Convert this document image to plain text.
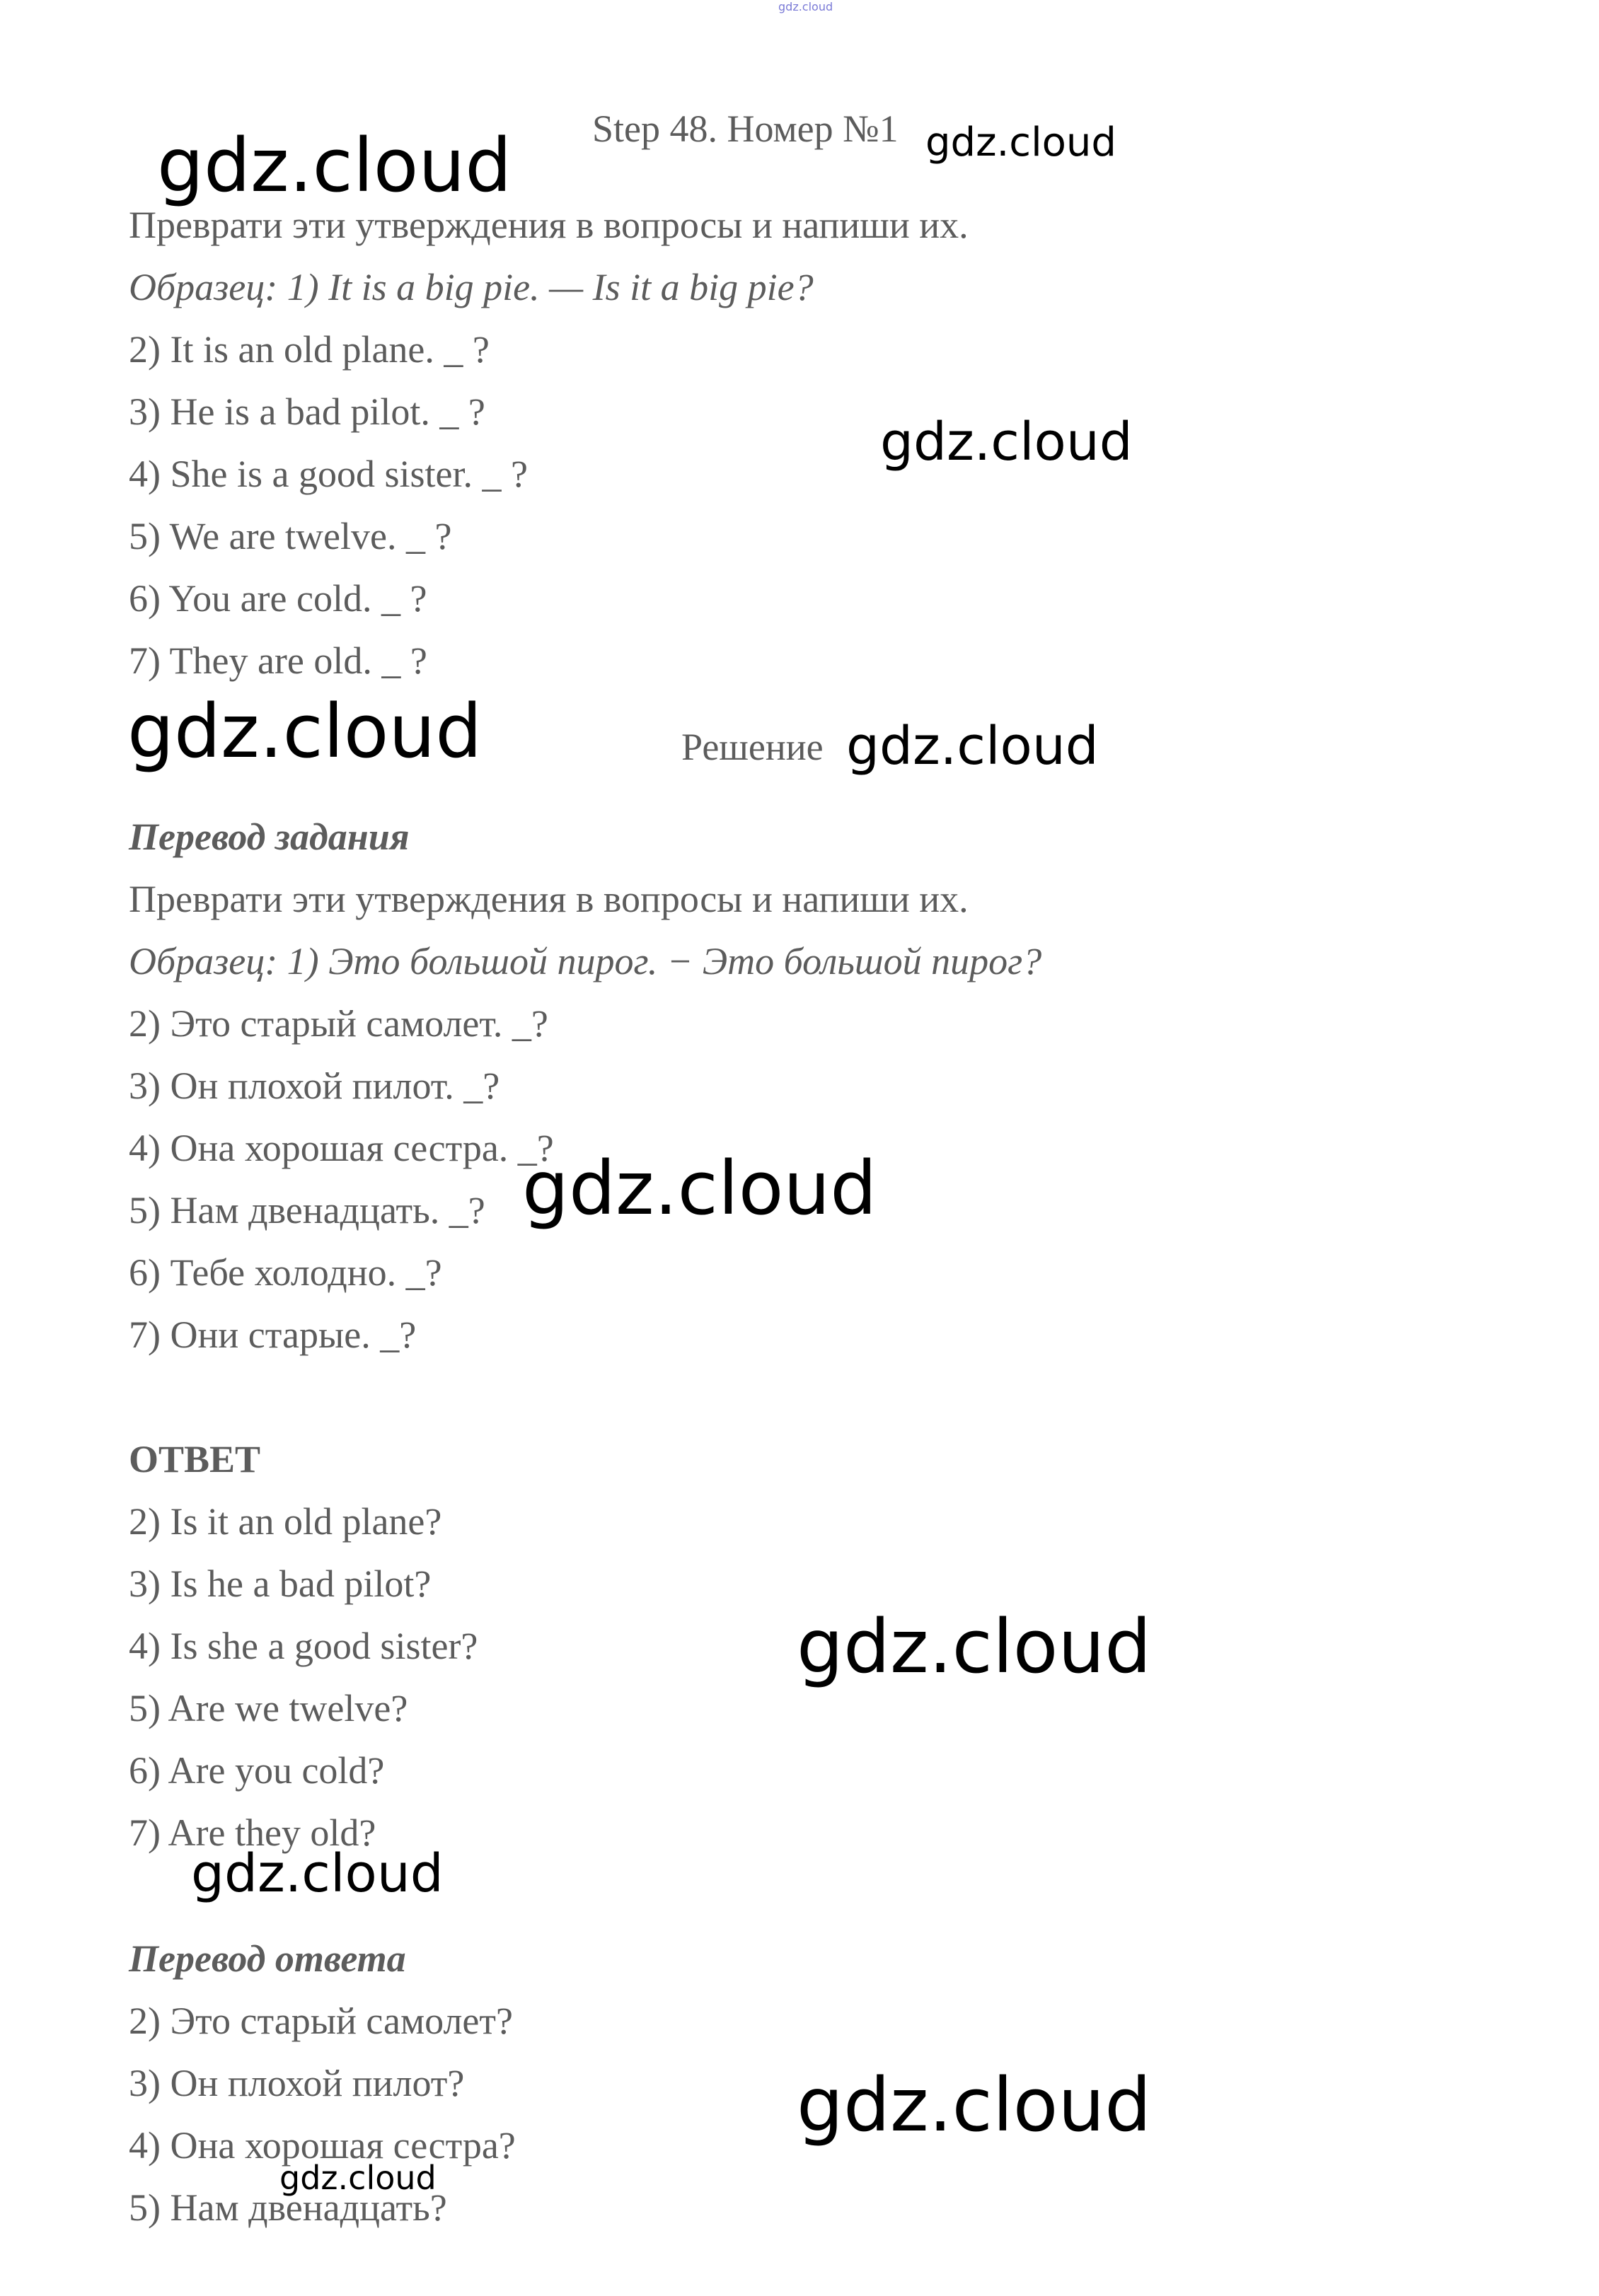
gdz.cloud
Step 48. Номер №1
Преврати эти утверждения в вопросы и напиши их.
Образец: 1) It is a big pie. — Is it a big pie?
2) It is an old plane. _ ?
3) He is a bad pilot. _ ?
4) She is a good sister. _ ?
5) We are twelve. _ ?
6) You are cold. _ ?
7) They are old. _ ?
Решение
Перевод задания
Преврати эти утверждения в вопросы и напиши их.
Образец: 1) Это большой пирог. − Это большой пирог?
2) Это старый самолет. _?
3) Он плохой пилот. _?
4) Она хорошая сестра. _?
5) Нам двенадцать. _?
6) Тебе холодно. _?
7) Они старые. _?
ОТВЕТ
2) Is it an old plane?
3) Is he a bad pilot?
4) Is she a good sister?
5) Are we twelve?
6) Are you cold?
7) Are they old?
Перевод ответа
2) Это старый самолет?
3) Он плохой пилот?
4) Она хорошая сестра?
5) Нам двенадцать?
gdz.cloud	gdz.cloud
gdz.cloud
gdz.cloud	gdz.cloud
gdz.cloud
gdz.cloud
gdz.cloud
gdz.cloud
gdz.cloud
